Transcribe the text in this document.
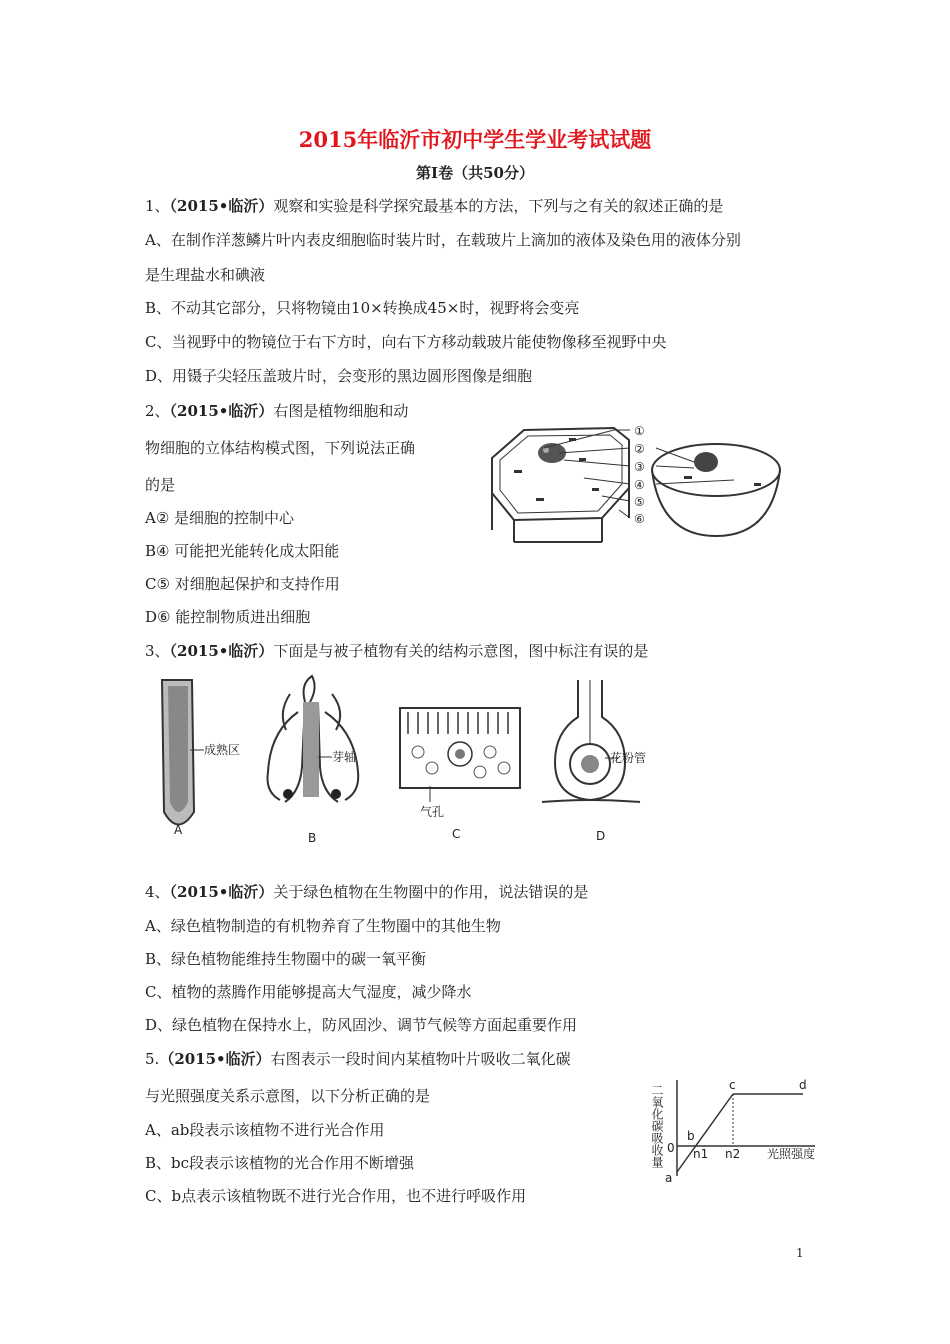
2015年临沂市初中学生学业考试试题
第Ⅰ卷（共50分）
1、（2015•临沂）观察和实验是科学探究最基本的方法，下列与之有关的叙述正确的是
A、在制作洋葱鳞片叶内表皮细胞临时装片时，在载玻片上滴加的液体及染色用的液体分别
是生理盐水和碘液
B、不动其它部分，只将物镜由10×转换成45×时，视野将会变亮
C、当视野中的物镜位于右下方时，向右下方移动载玻片能使物像移至视野中央
D、用镊子尖轻压盖玻片时，会变形的黑边圆形图像是细胞
2、（2015•临沂）右图是植物细胞和动
物细胞的立体结构模式图，下列说法正确
的是
A② 是细胞的控制中心
B④ 可能把光能转化成太阳能
C⑤ 对细胞起保护和支持作用
D⑥ 能控制物质进出细胞
①
②
③
④
⑤
⑥
3、（2015•临沂）下面是与被子植物有关的结构示意图，图中标注有误的是
成熟区
A
芽轴
B
气孔
C
花粉管
D
4、（2015•临沂）关于绿色植物在生物圈中的作用，说法错误的是
A、绿色植物制造的有机物养育了生物圈中的其他生物
B、绿色植物能维持生物圈中的碳一氧平衡
C、植物的蒸腾作用能够提高大气湿度，减少降水
D、绿色植物在保持水上，防风固沙、调节气候等方面起重要作用
5.（2015•临沂）右图表示一段时间内某植物叶片吸收二氧化碳
与光照强度关系示意图，以下分析正确的是
A、ab段表示该植物不进行光合作用
B、bc段表示该植物的光合作用不断增强
C、b点表示该植物既不进行光合作用，也不进行呼吸作用
二氧化碳吸收量	光照强度
a
b
c	d
0 n1 n2
1
